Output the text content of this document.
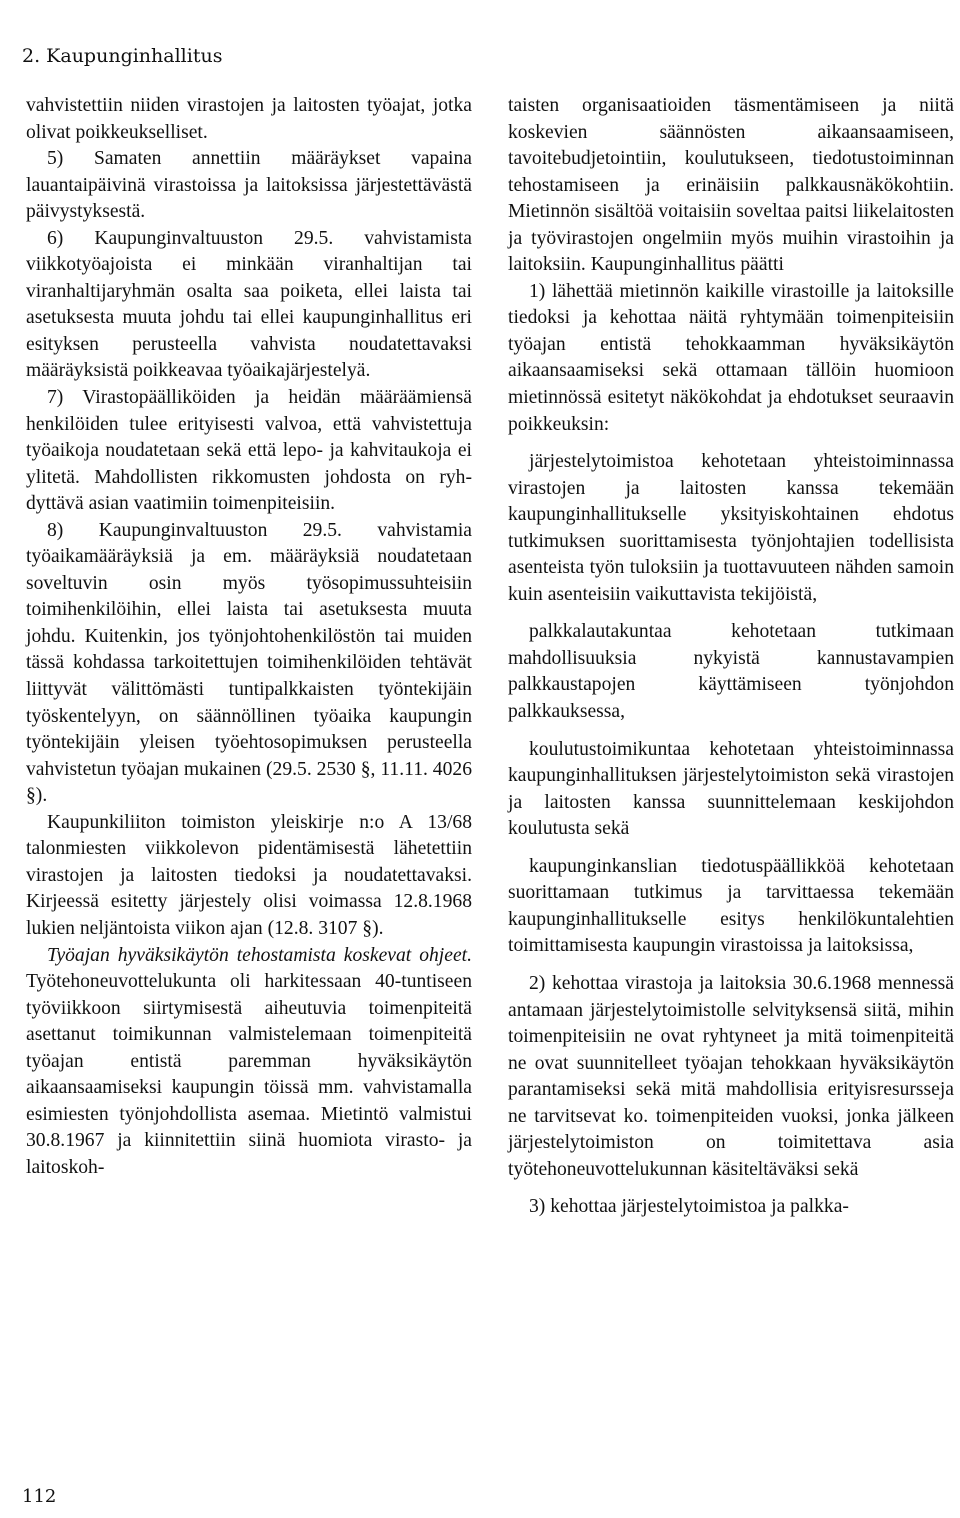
2. Kaupunginhallitus

vahvistettiin niiden virastojen ja laitosten työajat, jotka olivat poikkeukselliset.

5) Samaten annettiin määräykset vapaina lauantaipäivinä virastoissa ja laitoksissa järjestettävästä päivystyksestä.

6) Kaupunginvaltuuston 29.5. vahvistamista viikkotyöajoista ei minkään viranhaltijan tai viranhaltijaryhmän osalta saa poiketa, ellei laista tai asetuksesta muuta johdu tai ellei kaupunginhallitus eri esityksen perusteella vahvista noudatettavaksi määräyksistä poikkeavaa työaikajärjestelyä.

7) Virastopäälliköiden ja heidän määräämiensä henkilöiden tulee erityisesti valvoa, että vahvistettuja työaikoja noudatetaan sekä että lepo- ja kahvitaukoja ei ylitetä. Mahdollisten rikkomusten johdosta on ryhdyttävä asian vaatimiin toimenpiteisiin.

8) Kaupunginvaltuuston 29.5. vahvistamia työaikamääräyksiä ja em. määräyksiä noudatetaan soveltuvin osin myös työsopimussuhteisiin toimihenkilöihin, ellei laista tai asetuksesta muuta johdu. Kuitenkin, jos työnjohtohenkilöstön tai muiden tässä kohdassa tarkoitettujen toimihenkilöiden tehtävät liittyvät välittömästi tuntipalkkaisten työntekijäin työskentelyyn, on säännöllinen työaika kaupungin työntekijäin yleisen työehtosopimuksen perusteella vahvistetun työajan mukainen (29.5. 2530 §, 11.11. 4026 §).

Kaupunkiliiton toimiston yleiskirje n:o A 13/68 talonmiesten viikkolevon pidentämisestä lähetettiin virastojen ja laitosten tiedoksi ja noudatettavaksi. Kirjeessä esitetty järjestely olisi voimassa 12.8.1968 lukien neljäntoista viikon ajan (12.8. 3107 §).

Työajan hyväksikäytön tehostamista koskevat ohjeet. Työtehoneuvottelukunta oli harkitessaan 40-tuntiseen työviikkoon siirtymisestä aiheutuvia toimenpiteitä asettanut toimikunnan valmistelemaan toimenpiteitä työajan entistä paremman hyväksikäytön aikaansaamiseksi kaupungin töissä mm. vahvistamalla esimiesten työnjohdollista asemaa. Mietintö valmistui 30.8.1967 ja kiinnitettiin siinä huomiota virasto- ja laitoskoh-

taisten organisaatioiden täsmentämiseen ja niitä koskevien säännösten aikaansaamiseen, tavoitebudjetointiin, koulutukseen, tiedotustoiminnan tehostamiseen ja erinäisiin palkkausnäkökohtiin. Mietinnön sisältöä voitaisiin soveltaa paitsi liikelaitosten ja työvirastojen ongelmiin myös muihin virastoihin ja laitoksiin. Kaupunginhallitus päätti

1) lähettää mietinnön kaikille virastoille ja laitoksille tiedoksi ja kehottaa näitä ryhtymään toimenpiteisiin työajan entistä tehokkaamman hyväksikäytön aikaansaamiseksi sekä ottamaan tällöin huomioon mietinnössä esitetyt näkökohdat ja ehdotukset seuraavin poikkeuksin:

järjestelytoimistoa kehotetaan yhteistoiminnassa virastojen ja laitosten kanssa tekemään kaupunginhallitukselle yksityiskohtainen ehdotus tutkimuksen suorittamisesta työnjohtajien todellisista asenteista työn tuloksiin ja tuottavuuteen nähden samoin kuin asenteisiin vaikuttavista tekijöistä,

palkkalautakuntaa kehotetaan tutkimaan mahdollisuuksia nykyistä kannustavampien palkkaustapojen käyttämiseen työnjohdon palkkauksessa,

koulutustoimikuntaa kehotetaan yhteistoiminnassa kaupunginhallituksen järjestelytoimiston sekä virastojen ja laitosten kanssa suunnittelemaan keskijohdon koulutusta sekä

kaupunginkanslian tiedotuspäällikköä kehotetaan suorittamaan tutkimus ja tarvittaessa tekemään kaupunginhallitukselle esitys henkilökuntalehtien toimittamisesta kaupungin virastoissa ja laitoksissa,

2) kehottaa virastoja ja laitoksia 30.6.1968 mennessä antamaan järjestelytoimistolle selvityksensä siitä, mihin toimenpiteisiin ne ovat ryhtyneet ja mitä toimenpiteitä ne ovat suunnitelleet työajan tehokkaan hyväksikäytön parantamiseksi sekä mitä mahdollisia erityisresursseja ne tarvitsevat ko. toimenpiteiden vuoksi, jonka jälkeen järjestelytoimiston on toimitettava asia työtehoneuvottelukunnan käsiteltäväksi sekä

3) kehottaa järjestelytoimistoa ja palkka-

112
